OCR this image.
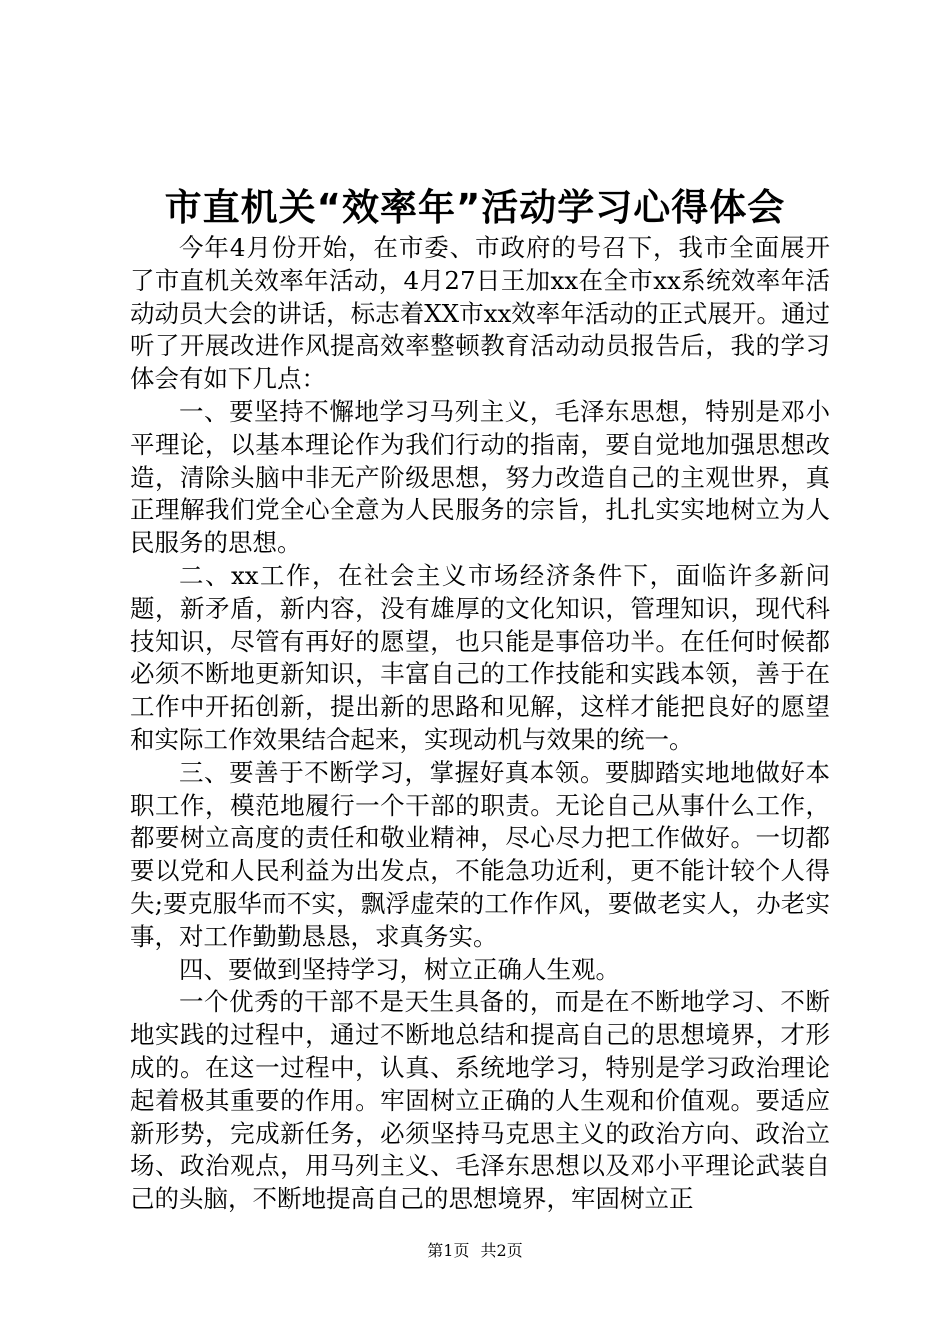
市直机关“效率年”活动学习心得体会

今年4月份开始，在市委、市政府的号召下，我市全面展开了市直机关效率年活动，4月27日王加xx在全市xx系统效率年活动动员大会的讲话，标志着XX市xx效率年活动的正式展开。通过听了开展改进作风提高效率整顿教育活动动员报告后，我的学习体会有如下几点：

一、要坚持不懈地学习马列主义，毛泽东思想，特别是邓小平理论，以基本理论作为我们行动的指南，要自觉地加强思想改造，清除头脑中非无产阶级思想，努力改造自己的主观世界，真正理解我们党全心全意为人民服务的宗旨，扎扎实实地树立为人民服务的思想。

二、xx工作，在社会主义市场经济条件下，面临许多新问题，新矛盾，新内容，没有雄厚的文化知识，管理知识，现代科技知识，尽管有再好的愿望，也只能是事倍功半。在任何时候都必须不断地更新知识，丰富自己的工作技能和实践本领，善于在工作中开拓创新，提出新的思路和见解，这样才能把良好的愿望和实际工作效果结合起来，实现动机与效果的统一。

三、要善于不断学习，掌握好真本领。要脚踏实地地做好本职工作，模范地履行一个干部的职责。无论自己从事什么工作，都要树立高度的责任和敬业精神，尽心尽力把工作做好。一切都要以党和人民利益为出发点，不能急功近利，更不能计较个人得失;要克服华而不实，飘浮虚荣的工作作风，要做老实人，办老实事，对工作勤勤恳恳，求真务实。

四、要做到坚持学习，树立正确人生观。

一个优秀的干部不是天生具备的，而是在不断地学习、不断地实践的过程中，通过不断地总结和提高自己的思想境界，才形成的。在这一过程中，认真、系统地学习，特别是学习政治理论起着极其重要的作用。牢固树立正确的人生观和价值观。要适应新形势，完成新任务，必须坚持马克思主义的政治方向、政治立场、政治观点，用马列主义、毛泽东思想以及邓小平理论武装自己的头脑，不断地提高自己的思想境界，牢固树立正

第1页 共2页
